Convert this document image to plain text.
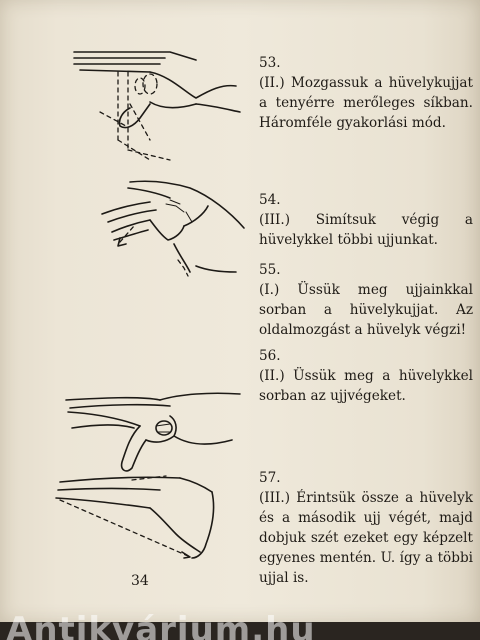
53.
(II.) Mozgassuk a hüvelykujjat a tenyérre merőleges síkban. Háromféle gyakorlási mód.
54.
(III.) Simítsuk végig a hüvelykkel többi ujjunkat.
55.
(I.) Üssük meg ujjainkkal sorban a hüvelykujjat. Az oldalmozgást a hüvelyk végzi!
56.
(II.) Üssük meg a hüvelykkel sorban az ujjvégeket.
57.
(III.) Érintsük össze a hüvelyk és a második ujj végét, majd dobjuk szét ezeket egy képzelt egyenes mentén. U. így a többi ujjal is.
34
Antikvárium.hu
